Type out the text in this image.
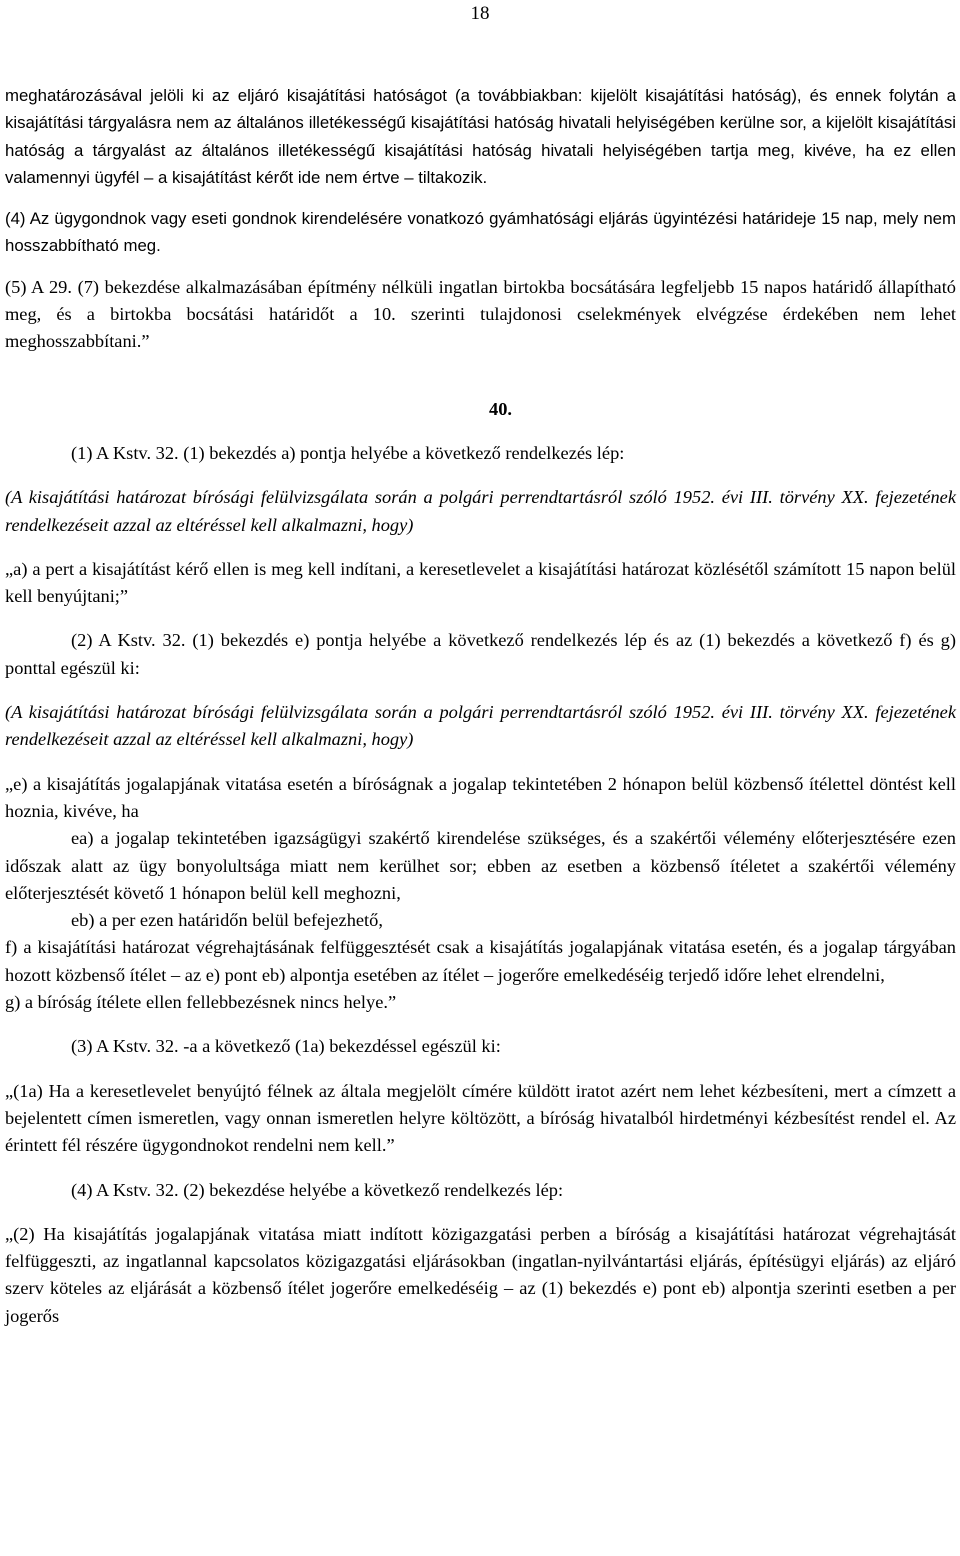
18

meghatározásával jelöli ki az eljáró kisajátítási hatóságot (a továbbiakban: kijelölt kisajátítási hatóság), és ennek folytán a kisajátítási tárgyalásra nem az általános illetékességű kisajátítási hatóság hivatali helyiségében kerülne sor, a kijelölt kisajátítási hatóság a tárgyalást az általános illetékességű kisajátítási hatóság hivatali helyiségében tartja meg, kivéve, ha ez ellen valamennyi ügyfél – a kisajátítást kérőt ide nem értve – tiltakozik.

(4) Az ügygondnok vagy eseti gondnok kirendelésére vonatkozó gyámhatósági eljárás ügyintézési határideje 15 nap, mely nem hosszabbítható meg.

(5) A 29. (7) bekezdése alkalmazásában építmény nélküli ingatlan birtokba bocsátására legfeljebb 15 napos határidő állapítható meg, és a birtokba bocsátási határidőt a 10. szerinti tulajdonosi cselekmények elvégzése érdekében nem lehet meghosszabbítani.”

40.

(1) A Kstv. 32. (1) bekezdés a) pontja helyébe a következő rendelkezés lép:

(A kisajátítási határozat bírósági felülvizsgálata során a polgári perrendtartásról szóló 1952. évi III. törvény XX. fejezetének rendelkezéseit azzal az eltéréssel kell alkalmazni, hogy)

„a) a pert a kisajátítást kérő ellen is meg kell indítani, a keresetlevelet a kisajátítási határozat közlésétől számított 15 napon belül kell benyújtani;”

(2) A Kstv. 32. (1) bekezdés e) pontja helyébe a következő rendelkezés lép és az (1) bekezdés a következő f) és g) ponttal egészül ki:

(A kisajátítási határozat bírósági felülvizsgálata során a polgári perrendtartásról szóló 1952. évi III. törvény XX. fejezetének rendelkezéseit azzal az eltéréssel kell alkalmazni, hogy)

„e) a kisajátítás jogalapjának vitatása esetén a bíróságnak a jogalap tekintetében 2 hónapon belül közbenső ítélettel döntést kell hoznia, kivéve, ha

ea) a jogalap tekintetében igazságügyi szakértő kirendelése szükséges, és a szakértői vélemény előterjesztésére ezen időszak alatt az ügy bonyolultsága miatt nem kerülhet sor; ebben az esetben a közbenső ítéletet a szakértői vélemény előterjesztését követő 1 hónapon belül kell meghozni,

eb) a per ezen határidőn belül befejezhető,

f) a kisajátítási határozat végrehajtásának felfüggesztését csak a kisajátítás jogalapjának vitatása esetén, és a jogalap tárgyában hozott közbenső ítélet – az e) pont eb) alpontja esetében az ítélet – jogerőre emelkedéséig terjedő időre lehet elrendelni,

g) a bíróság ítélete ellen fellebbezésnek nincs helye.”

(3) A Kstv. 32. -a a következő (1a) bekezdéssel egészül ki:

„(1a) Ha a keresetlevelet benyújtó félnek az általa megjelölt címére küldött iratot azért nem lehet kézbesíteni, mert a címzett a bejelentett címen ismeretlen, vagy onnan ismeretlen helyre költözött, a bíróság hivatalból hirdetményi kézbesítést rendel el. Az érintett fél részére ügygondnokot rendelni nem kell.”

(4) A Kstv. 32. (2) bekezdése helyébe a következő rendelkezés lép:

„(2) Ha kisajátítás jogalapjának vitatása miatt indított közigazgatási perben a bíróság a kisajátítási határozat végrehajtását felfüggeszti, az ingatlannal kapcsolatos közigazgatási eljárásokban (ingatlan-nyilvántartási eljárás, építésügyi eljárás) az eljáró szerv köteles az eljárását a közbenső ítélet jogerőre emelkedéséig – az (1) bekezdés e) pont eb) alpontja szerinti esetben a per jogerős
